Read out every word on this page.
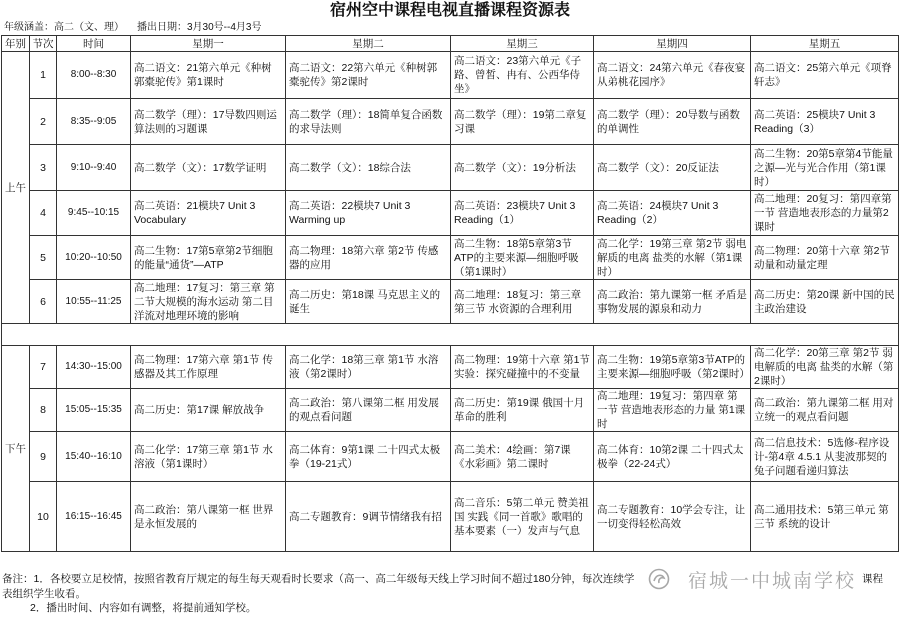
宿州空中课程电视直播课程资源表
年级涵盖：高二（文、理） 播出日期：3月30号--4月3号
年别	节次	时间	星期一	星期二	星期三	星期四	星期五
上午	1	8:00--8:30	高二语文：21第六单元《种树郭橐驼传》第1课时	高二语文：22第六单元《种树郭橐驼传》第2课时	高二语文：23第六单元《子路、曾皙、冉有、公西华侍坐》	高二语文：24第六单元《春夜宴从弟桃花园序》	高二语文：25第六单元《项脊轩志》
	2	8:35--9:05	高二数学（理）：17导数四则运算法则的习题课	高二数学（理）：18简单复合函数的求导法则	高二数学（理）：19第二章复习课	高二数学（理）：20导数与函数的单调性	高二英语：25模块7 Unit 3 Reading（3）
	3	9:10--9:40	高二数学（文）：17数学证明	高二数学（文）：18综合法	高二数学（文）：19分析法	高二数学（文）：20反证法	高二生物：20第5章第4节能量之源—光与光合作用（第1课时）
	4	9:45--10:15	高二英语：21模块7 Unit 3 Vocabulary	高二英语：22模块7 Unit 3 Warming up	高二英语：23模块7 Unit 3 Reading（1）	高二英语：24模块7 Unit 3 Reading（2）	高二地理：20复习：第四章第一节 营造地表形态的力量第2课时
	5	10:20--10:50	高二生物：17第5章第2节细胞的能量“通货”—ATP	高二物理：18第六章 第2节 传感器的应用	高二生物：18第5章第3节ATP的主要来源—细胞呼吸（第1课时）	高二化学：19第三章 第2节 弱电解质的电离 盐类的水解（第1课时）	高二物理：20第十六章 第2节动量和动量定理
	6	10:55--11:25	高二地理：17复习：第三章 第二节大规模的海水运动 第二目洋流对地理环境的影响	高二历史：第18课 马克思主义的诞生	高二地理：18复习：第三章第三节 水资源的合理利用	高二政治：第九课第一框 矛盾是事物发展的源泉和动力	高二历史：第20课 新中国的民主政治建设

下午	7	14:30--15:00	高二物理：17第六章 第1节 传感器及其工作原理	高二化学：18第三章 第1节 水溶液（第2课时）	高二物理：19第十六章 第1节 实验：探究碰撞中的不变量	高二生物：19第5章第3节ATP的主要来源—细胞呼吸（第2课时）	高二化学：20第三章 第2节 弱电解质的电离 盐类的水解（第2课时）
	8	15:05--15:35	高二历史：第17课 解放战争	高二政治：第八课第二框 用发展的观点看问题	高二历史：第19课 俄国十月革命的胜利	高二地理：19复习：第四章 第一节 营造地表形态的力量 第1课时	高二政治：第九课第二框 用对立统一的观点看问题
	9	15:40--16:10	高二化学：17第三章 第1节 水溶液（第1课时）	高二体育：9第1课 二十四式太极拳（19-21式）	高二美术：4绘画：第7课《水彩画》第二课时	高二体育：10第2课 二十四式太极拳（22-24式）	高二信息技术：5选修-程序设计-第4章 4.5.1 从斐波那契的兔子问题看递归算法
	10	16:15--16:45	高二政治：第八课第一框 世界是永恒发展的	高二专题教育：9调节情绪我有招	高二音乐：5第二单元 赞美祖国 实践《同一首歌》歌唱的基本要素（一）发声与气息	高二专题教育：10学会专注，让一切变得轻松高效	高二通用技术：5第三单元 第三节 系统的设计
备注：1．各校要立足校情，按照省教育厅规定的每生每天观看时长要求（高一、高二年级每天线上学习时间不超过180分钟，每次连续学	课程
表组织学生收看。
2．播出时间、内容如有调整，将提前通知学校。
宿城一中城南学校
